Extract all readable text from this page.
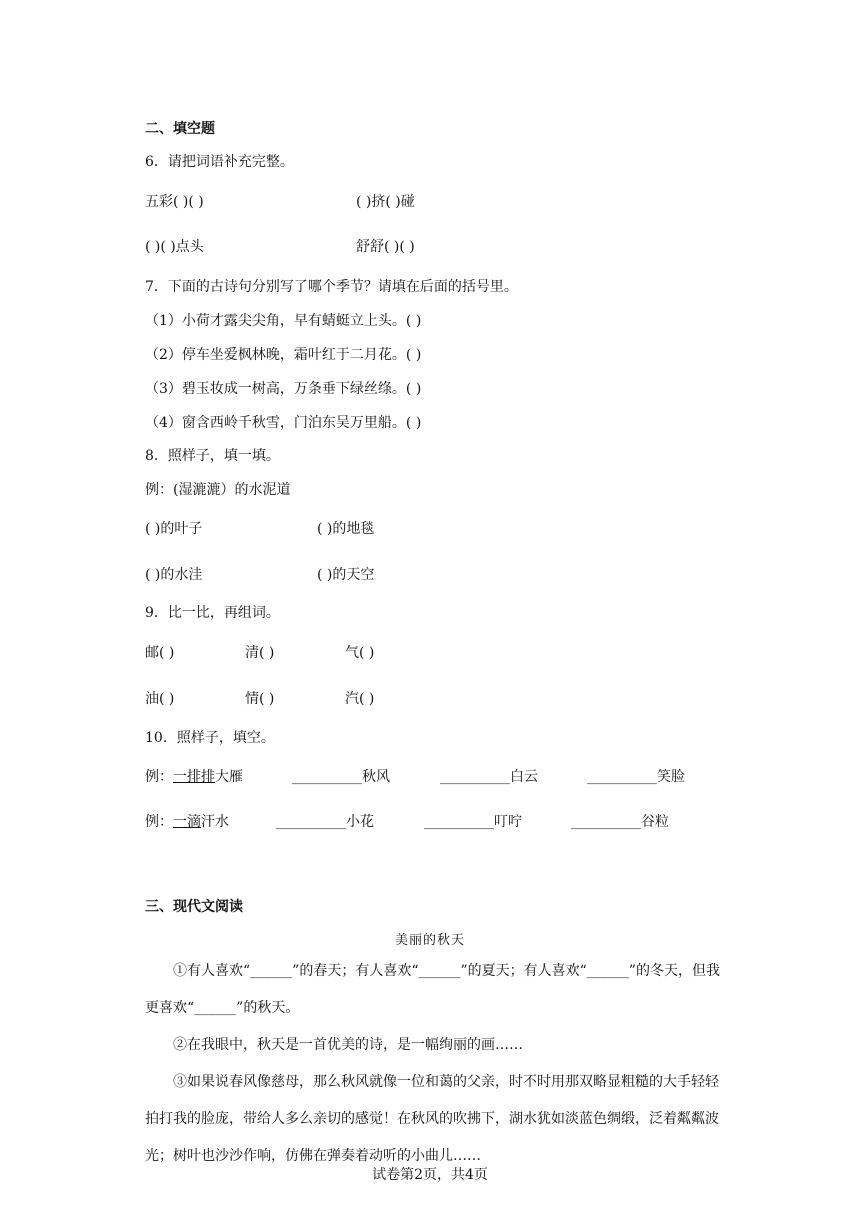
二、填空题
6．请把词语补充完整。
五彩( )( )	( )挤( )碰
( )( )点头	舒舒( )( )
7．下面的古诗句分别写了哪个季节？请填在后面的括号里。
（1）小荷才露尖尖角，早有蜻蜓立上头。( )
（2）停车坐爱枫林晚，霜叶红于二月花。( )
（3）碧玉妆成一树高，万条垂下绿丝绦。( )
（4）窗含西岭千秋雪，门泊东吴万里船。( )
8．照样子，填一填。
例：(湿漉漉）的水泥道
( )的叶子	( )的地毯
( )的水洼	( )的天空
9．比一比，再组词。
邮( )	清( )	气( )
油( )	情( )	汽( )
10．照样子，填空。
例：一排排大雁	__________秋风	__________白云	__________笑脸
例：一滴汗水	__________小花	__________叮咛	__________谷粒
三、现代文阅读
美丽的秋天
①有人喜欢“______”的春天；有人喜欢“______”的夏天；有人喜欢“______”的冬天，但我更喜欢“______”的秋天。
②在我眼中，秋天是一首优美的诗，是一幅绚丽的画……
③如果说春风像慈母，那么秋风就像一位和蔼的父亲，时不时用那双略显粗糙的大手轻轻拍打我的脸庞，带给人多么亲切的感觉！在秋风的吹拂下，湖水犹如淡蓝色绸缎，泛着粼粼波光；树叶也沙沙作响，仿佛在弹奏着动听的小曲儿……
试卷第2页，共4页
